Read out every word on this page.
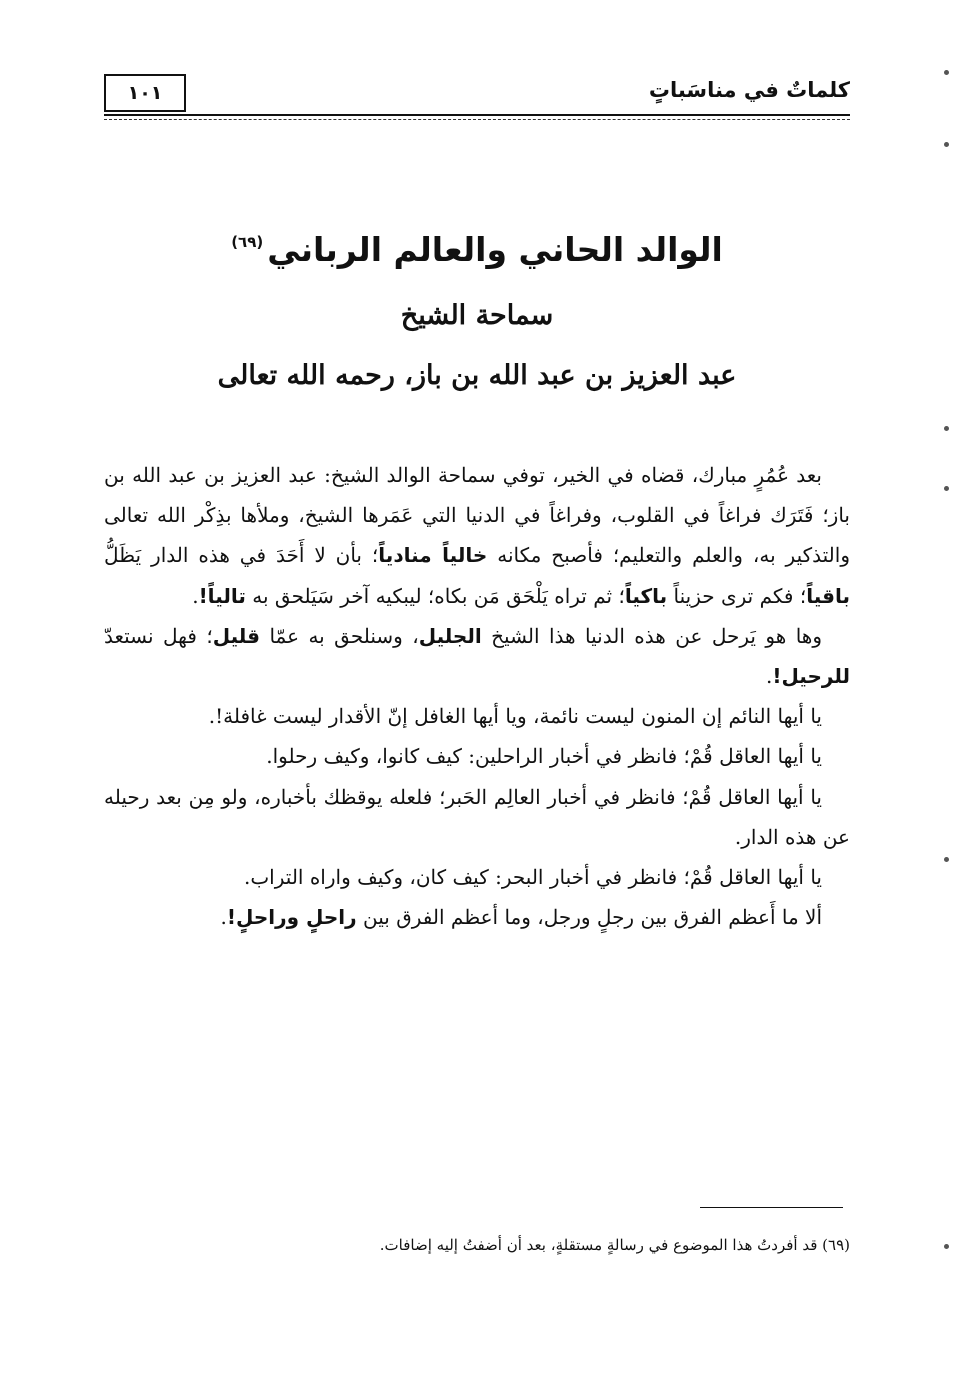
١٠١	كلماتٌ في مناسَباتٍ
الوالد الحاني والعالم الرباني$^{(٦٩)}$
سماحة الشيخ
عبد العزيز بن عبد الله بن باز، رحمه الله تعالى

بعد عُمُرٍ مبارك، قضاه في الخير، توفي سماحة الوالد الشيخ: عبد العزيز بن عبد الله بن باز؛ فَتَرَك فراغاً في القلوب، وفراغاً في الدنيا التي عَمَرها الشيخ، وملأها بذِكْر الله تعالى والتذكير به، والعلم والتعليم؛ فأصبح مكانه خالياً منادياً؛ بأن لا أَحَدَ في هذه الدار يَظَلُّ باقياً؛ فكم ترى حزيناً باكياً؛ ثم تراه يَلْحَق مَن بكاه؛ ليبكيه آخر سَيَلحق به تالياً!.

وها هو يَرحل عن هذه الدنيا هذا الشيخ الجليل، وسنلحق به عمّا قليل؛ فهل نستعدّ للرحيل!.

يا أيها النائم إن المنون ليست نائمة، ويا أيها الغافل إنّ الأقدار ليست غافلة!.

يا أيها العاقل قُمْ؛ فانظر في أخبار الراحلين: كيف كانوا، وكيف رحلوا.

يا أيها العاقل قُمْ؛ فانظر في أخبار العالِم الحَبر؛ فلعله يوقظك بأخباره، ولو مِن بعد رحيله عن هذه الدار.

يا أيها العاقل قُمْ؛ فانظر في أخبار البحر: كيف كان، وكيف واراه التراب.

ألا ما أَعظم الفرق بين رجلٍ ورجل، وما أعظم الفرق بين راحلٍ وراحلٍ!.

(٦٩) قد أفردتُ هذا الموضوع في رسالةٍ مستقلةٍ، بعد أن أضفتُ إليه إضافات.
